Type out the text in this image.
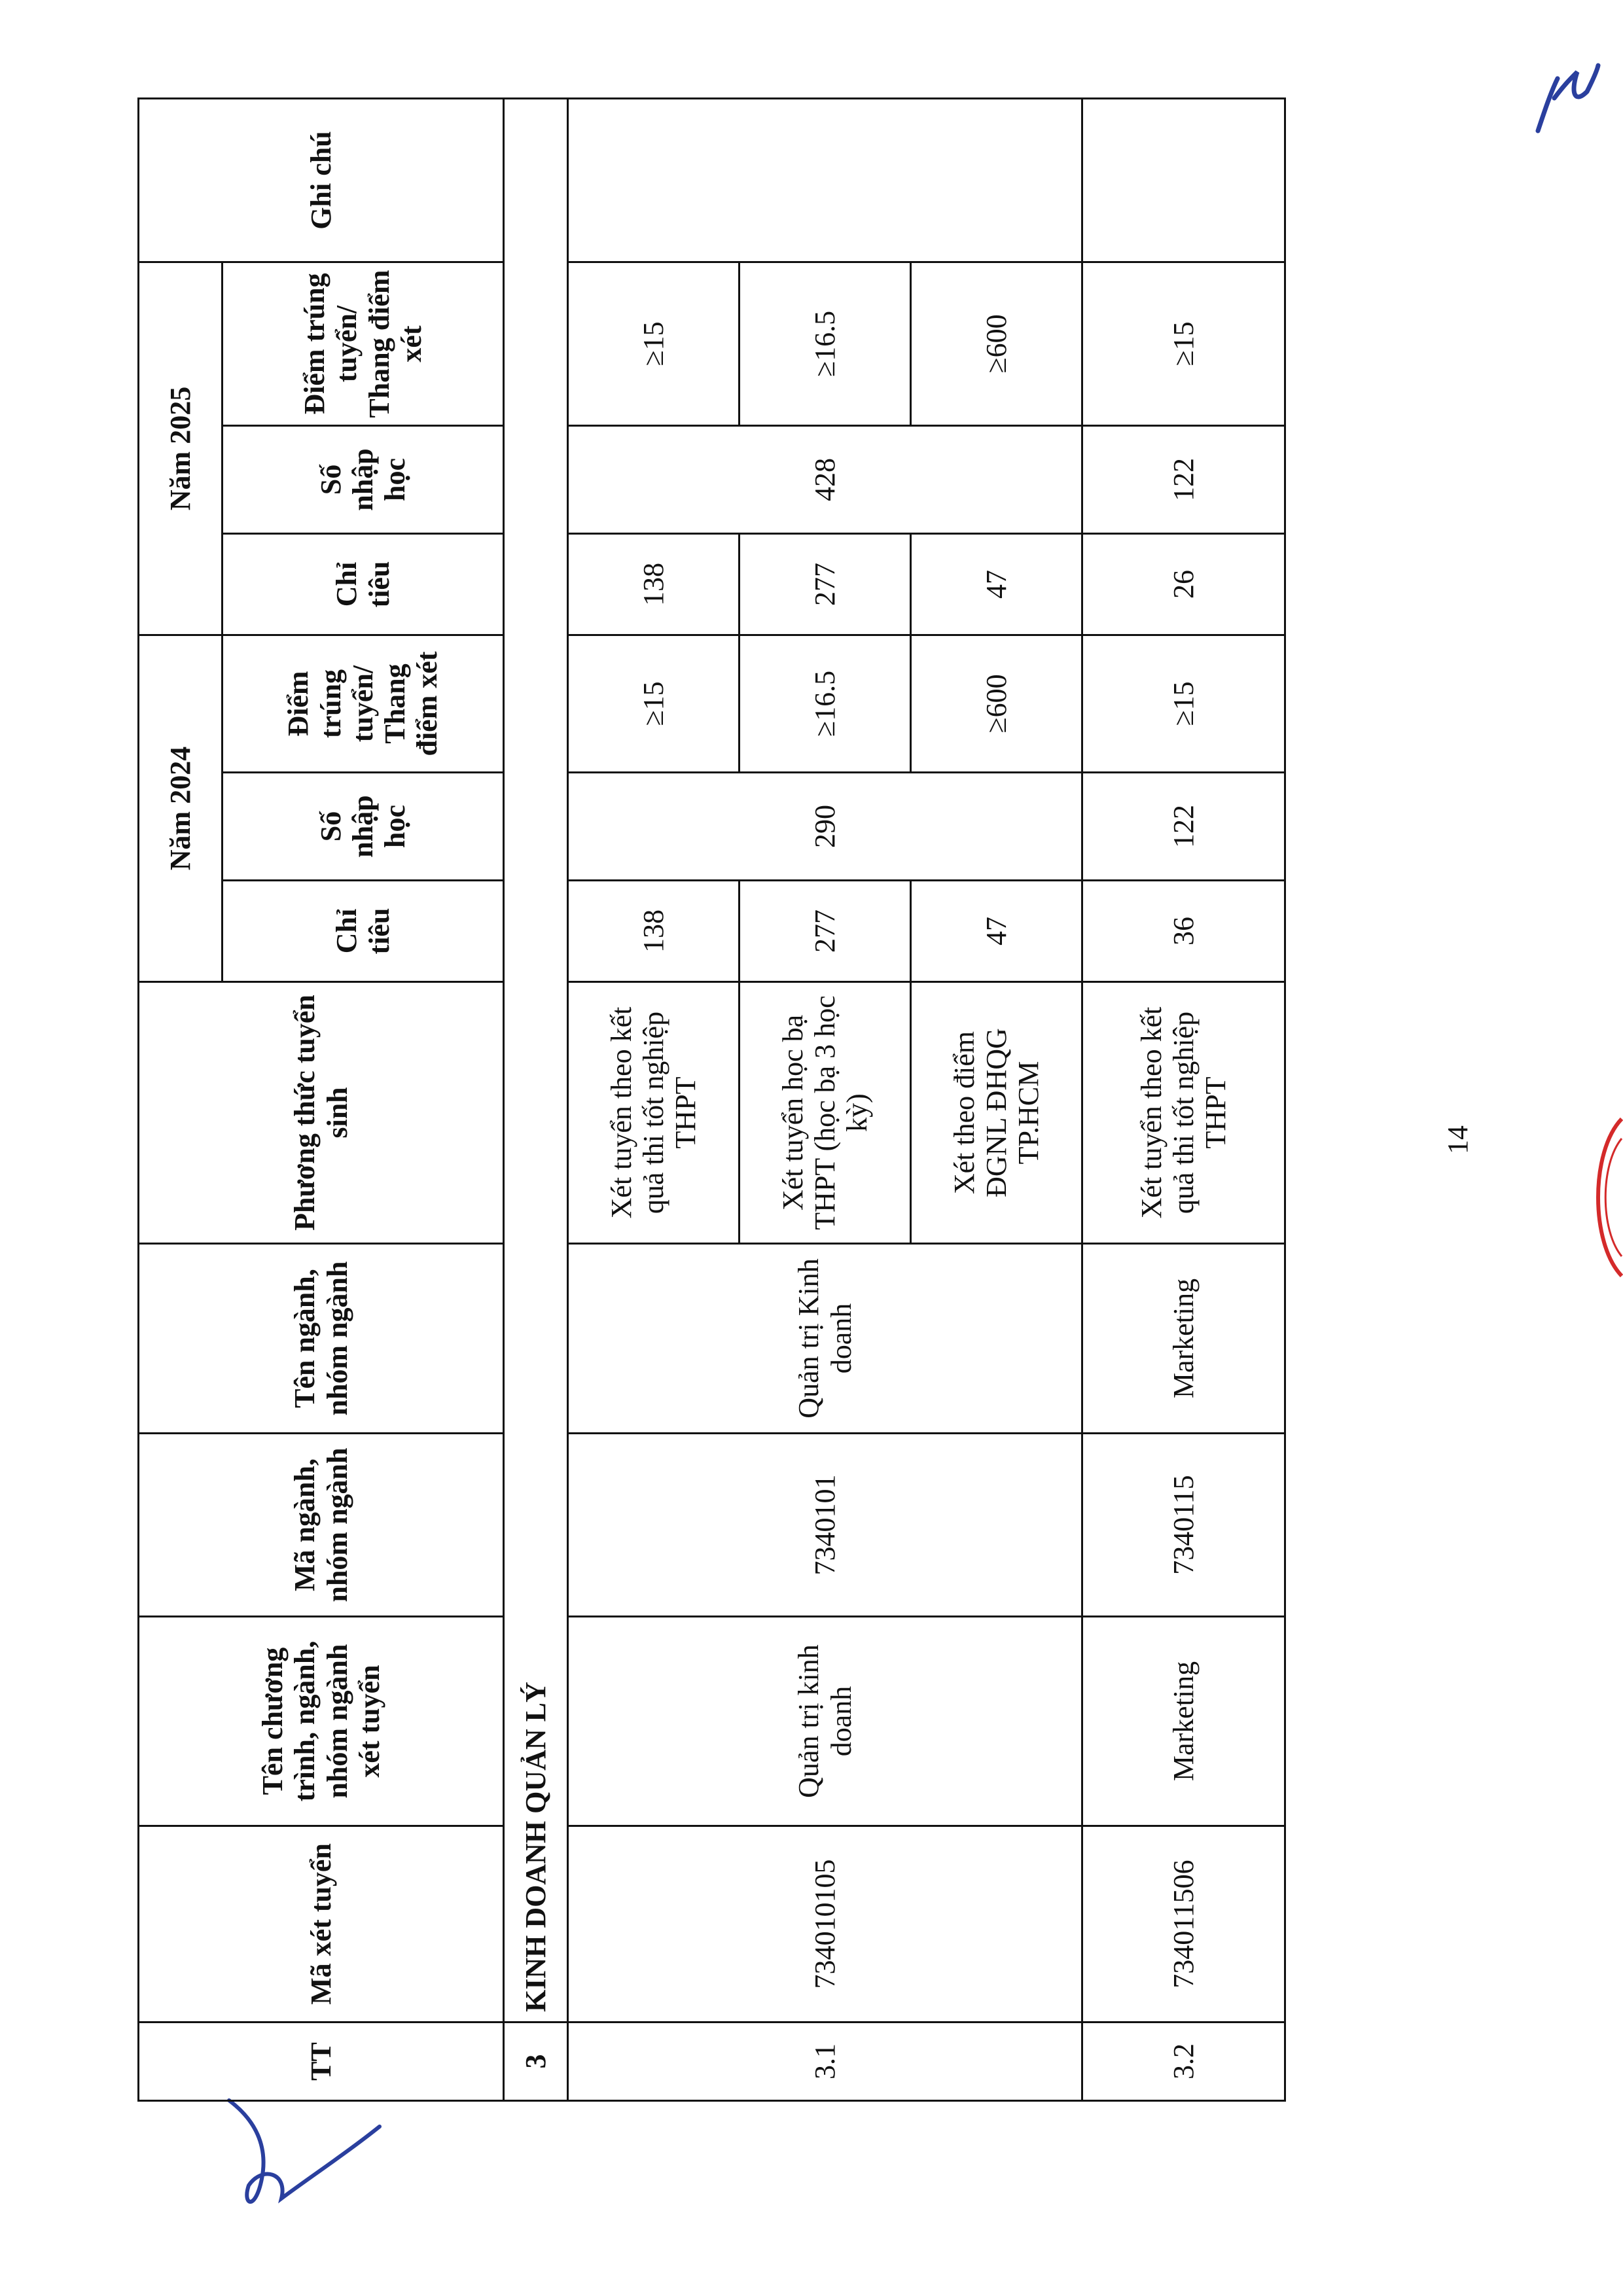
14
TT	Mã xét tuyển	Tên chương trình, ngành, nhóm ngành xét tuyển	Mã ngành, nhóm ngành	Tên ngành, nhóm ngành	Phương thức tuyển sinh	Năm 2024			Năm 2025			Ghi chú
						Chỉ tiêu	Số nhập học	Điểm trúng tuyển/ Thang điểm xét	Chỉ tiêu	Số nhập học	Điểm trúng tuyển/ Thang điểm xét	
3	KINH DOANH QUẢN LÝ											
3.1	734010105	Quản trị kinh doanh	7340101	Quản trị Kinh doanh	Xét tuyển theo kết quả thi tốt nghiệp THPT	138	290	≥15	138	428	≥15	
					Xét tuyển học bạ THPT (học bạ 3 học kỳ)	277		≥16.5	277		≥16.5	
					Xét theo điểm ĐGNL ĐHQG TP.HCM	47		≥600	47		≥600	
3.2	734011506	Marketing	7340115	Marketing	Xét tuyển theo kết quả thi tốt nghiệp THPT	36	122	≥15	26	122	≥15	
